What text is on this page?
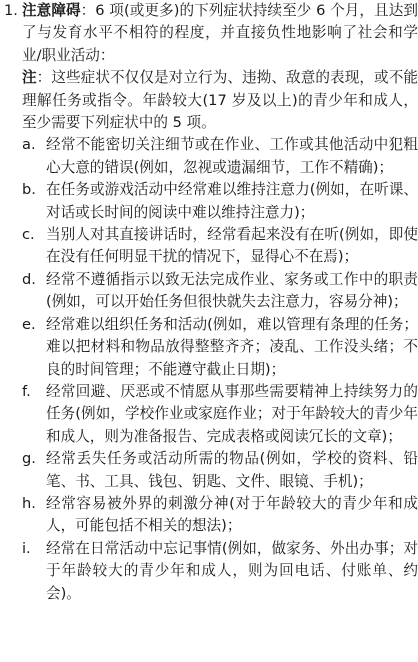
1. 注意障碍：6 项(或更多)的下列症状持续至少 6 个月，且达到了与发育水平不相符的程度，并直接负性地影响了社会和学业/职业活动：

注：这些症状不仅仅是对立行为、违拗、敌意的表现，或不能理解任务或指令。年龄较大(17 岁及以上)的青少年和成人，至少需要下列症状中的 5 项。

a. 经常不能密切关注细节或在作业、工作或其他活动中犯粗心大意的错误(例如，忽视或遗漏细节，工作不精确)；

b. 在任务或游戏活动中经常难以维持注意力(例如，在听课、对话或长时间的阅读中难以维持注意力)；

c. 当别人对其直接讲话时，经常看起来没有在听(例如，即使在没有任何明显干扰的情况下，显得心不在焉)；

d. 经常不遵循指示以致无法完成作业、家务或工作中的职责(例如，可以开始任务但很快就失去注意力，容易分神)；

e. 经常难以组织任务和活动(例如，难以管理有条理的任务；难以把材料和物品放得整整齐齐；凌乱、工作没头绪；不良的时间管理；不能遵守截止日期)；

f. 经常回避、厌恶或不情愿从事那些需要精神上持续努力的任务(例如，学校作业或家庭作业；对于年龄较大的青少年和成人，则为准备报告、完成表格或阅读冗长的文章)；

g. 经常丢失任务或活动所需的物品(例如，学校的资料、铅笔、书、工具、钱包、钥匙、文件、眼镜、手机)；

h. 经常容易被外界的刺激分神(对于年龄较大的青少年和成人，可能包括不相关的想法)；

i. 经常在日常活动中忘记事情(例如，做家务、外出办事；对于年龄较大的青少年和成人，则为回电话、付账单、约会)。
